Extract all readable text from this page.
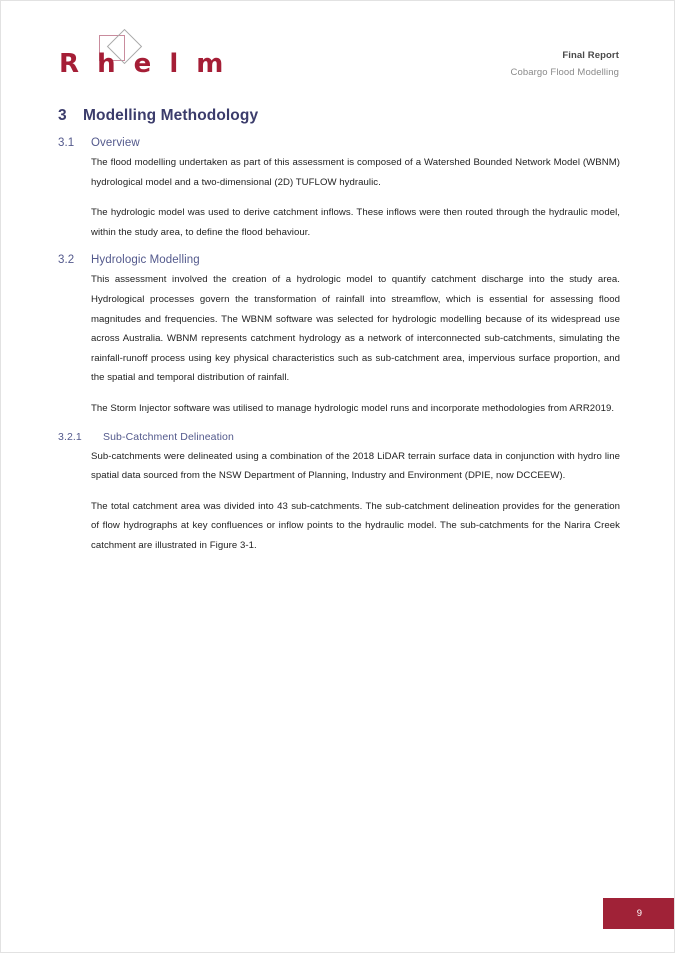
R h e l m	Final Report
Cobargo Flood Modelling
3	Modelling Methodology
3.1	Overview

The flood modelling undertaken as part of this assessment is composed of a Watershed Bounded Network Model (WBNM) hydrological model and a two-dimensional (2D) TUFLOW hydraulic.

The hydrologic model was used to derive catchment inflows. These inflows were then routed through the hydraulic model, within the study area, to define the flood behaviour.

3.2	Hydrologic Modelling

This assessment involved the creation of a hydrologic model to quantify catchment discharge into the study area. Hydrological processes govern the transformation of rainfall into streamflow, which is essential for assessing flood magnitudes and frequencies. The WBNM software was selected for hydrologic modelling because of its widespread use across Australia. WBNM represents catchment hydrology as a network of interconnected sub-catchments, simulating the rainfall-runoff process using key physical characteristics such as sub-catchment area, impervious surface proportion, and the spatial and temporal distribution of rainfall.

The Storm Injector software was utilised to manage hydrologic model runs and incorporate methodologies from ARR2019.

3.2.1	Sub-Catchment Delineation

Sub-catchments were delineated using a combination of the 2018 LiDAR terrain surface data in conjunction with hydro line spatial data sourced from the NSW Department of Planning, Industry and Environment (DPIE, now DCCEEW).

The total catchment area was divided into 43 sub-catchments. The sub-catchment delineation provides for the generation of flow hydrographs at key confluences or inflow points to the hydraulic model. The sub-catchments for the Narira Creek catchment are illustrated in Figure 3-1.

9
